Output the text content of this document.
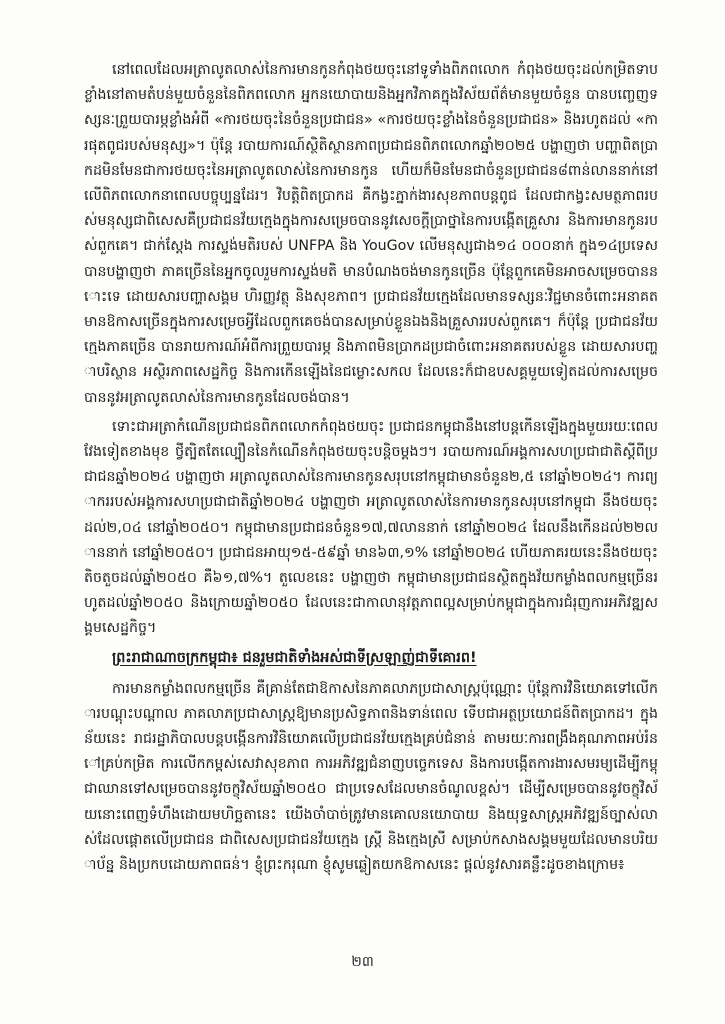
នៅពេលដែលអត្រាលូតលាស់នៃការមានកូនកំពុងថយចុះនៅទូទាំងពិភពលោក កំពុងថយចុះដល់កម្រិតទាបខ្លាំងនៅតាមតំបន់មួយចំនួននៃពិភពលោក អ្នកនយោបាយនិងអ្នកវិភាគក្នុងវិស័យព័ត៌មានមួយចំនួន បានបញ្ចេញទស្សនៈព្រួយបារម្ភខ្លាំងអំពី «ការថយចុះនៃចំនួនប្រជាជន» «ការថយចុះខ្លាំងនៃចំនួនប្រជាជន» និងរហូតដល់ «ការផុតពូជរបស់មនុស្ស»។ ប៉ុន្តែ របាយការណ៍ស្ថិតិស្ថានភាពប្រជាជនពិភពលោកឆ្នាំ២០២៥ បង្ហាញថា បញ្ហាពិតប្រាកដមិនមែនជាការថយចុះនៃអត្រាលូតលាស់នៃការមានកូន ហើយក៏មិនមែនជាចំនួនប្រជាជន៨ពាន់លាននាក់នៅលើពិភពលោកនាពេលបច្ចុប្បន្នដែរ។ វិបត្តិពិតប្រាកដ គឺកង្វះភ្នាក់ងារសុខភាពបន្តពូជ ដែលជាកង្វះសមត្ថភាពរបស់មនុស្សជាពិសេសគឺប្រជាជនវ័យក្មេងក្នុងការសម្រេចបាននូវសេចក្តីប្រាថ្នានៃការបង្កើតគ្រួសារ និងការមានកូនរបស់ពួកគេ។ ជាក់ស្តែង ការស្ទង់មតិរបស់ UNFPA និង YouGov លើមនុស្សជាង១៤ ០០០នាក់ ក្នុង១៤ប្រទេស បានបង្ហាញថា ភាគច្រើននៃអ្នកចូលរួមការស្ទង់មតិ មានបំណងចង់មានកូនច្រើន ប៉ុន្តែពួកគេមិនអាចសម្រេចបាននោះទេ ដោយសារបញ្ហាសង្គម ហិរញ្ញវត្ថុ និងសុខភាព។ ប្រជាជនវ័យក្មេងដែលមានទស្សនៈវិជ្ជមានចំពោះអនាគត មានឱកាសច្រើនក្នុងការសម្រេចអ្វីដែលពួកគេចង់បានសម្រាប់ខ្លួនឯងនិងគ្រួសាររបស់ពួកគេ។ ក៏ប៉ុន្តែ ប្រជាជនវ័យក្មេងភាគច្រើន បានរាយការណ៍អំពីការព្រួយបារម្ភ និងភាពមិនប្រាកដប្រជាចំពោះអនាគតរបស់ខ្លួន ដោយសារបញ្ហាបរិស្ថាន អស្ថិរភាពសេដ្ឋកិច្ច និងការកើនឡើងនៃជម្លោះសកល ដែលនេះក៏ជាឧបសគ្គមួយទៀតដល់ការសម្រេចបាននូវអត្រាលូតលាស់នៃការមានកូនដែលចង់បាន។

ទោះជាអត្រាកំណើនប្រជាជនពិភពលោកកំពុងថយចុះ ប្រជាជនកម្ពុជានឹងនៅបន្តកើនឡើងក្នុងមួយរយៈពេលវែងទៀតខាងមុខ ថ្វីត្បិតតែល្បឿននៃកំណើនកំពុងថយចុះបន្តិចម្តងៗ។ របាយការណ៍អង្គការសហប្រជាជាតិស្តីពីប្រជាជនឆ្នាំ២០២៤ បង្ហាញថា អត្រាលូតលាស់នៃការមានកូនសរុបនៅកម្ពុជាមានចំនួន២,៥ នៅឆ្នាំ២០២៤។ ការព្យាកររបស់អង្គការសហប្រជាជាតិឆ្នាំ២០២៤ បង្ហាញថា អត្រាលូតលាស់នៃការមានកូនសរុបនៅកម្ពុជា នឹងថយចុះដល់២,០៤ នៅឆ្នាំ២០៥០។ កម្ពុជាមានប្រជាជនចំនួន១៧,៧លាននាក់ នៅឆ្នាំ២០២៤ ដែលនឹងកើនដល់២២លាននាក់ នៅឆ្នាំ២០៥០។ ប្រជាជនអាយុ១៥-៥៩ឆ្នាំ មាន៦៣,១% នៅឆ្នាំ២០២៤ ហើយភាគរយនេះនឹងថយចុះតិចតួចដល់ឆ្នាំ២០៥០ គឺ៦១,៧%។ តួលេខនេះ បង្ហាញថា កម្ពុជាមានប្រជាជនស្ថិតក្នុងវ័យកម្លាំងពលកម្មច្រើនរហូតដល់ឆ្នាំ២០៥០ និងក្រោយឆ្នាំ២០៥០ ដែលនេះជាកាលានុវត្តភាពល្អសម្រាប់កម្ពុជាក្នុងការជំរុញការអភិវឌ្ឍសង្គមសេដ្ឋកិច្ច។

ព្រះរាជាណាចក្រកម្ពុជា៖ ជនរួមជាតិទាំងអស់ជាទីស្រឡាញ់ជាទីគោរព!

ការមានកម្លាំងពលកម្មច្រើន គឺគ្រាន់តែជាឱកាសនៃភាគលាភប្រជាសាស្ត្រប៉ុណ្ណោះ ប៉ុន្តែការវិនិយោគទៅលើការបណ្តុះបណ្តាល ភាគលាភប្រជាសាស្ត្រឱ្យមានប្រសិទ្ធភាពនិងទាន់ពេល ទើបជាអត្ថប្រយោជន៍ពិតប្រាកដ។ ក្នុងន័យនេះ រាជរដ្ឋាភិបាលបន្តបង្កើនការវិនិយោគលើប្រជាជនវ័យក្មេងគ្រប់ជំនាន់ តាមរយៈការពង្រឹងគុណភាពអប់រំនៅគ្រប់កម្រិត ការលើកកម្ពស់សេវាសុខភាព ការអភិវឌ្ឍជំនាញបច្ចេកទេស និងការបង្កើតការងារសមរម្យដើម្បីកម្ពុជាឈានទៅសម្រេចបាននូវចក្ខុវិស័យឆ្នាំ២០៥០ ជាប្រទេសដែលមានចំណូលខ្ពស់។ ដើម្បីសម្រេចបាននូវចក្ខុវិស័យនោះពេញទំហឹងដោយមហិច្ឆតានេះ យើងចាំបាច់ត្រូវមានគោលនយោបាយ និងយុទ្ធសាស្ត្រអភិវឌ្ឍន៍ច្បាស់លាស់ដែលផ្តោតលើប្រជាជន ជាពិសេសប្រជាជនវ័យក្មេង ស្ត្រី និងក្មេងស្រី សម្រាប់កសាងសង្គមមួយដែលមានបរិយាប័ន្ន និងប្រកបដោយភាពធន់។ ខ្ញុំព្រះករុណា ខ្ញុំសូមឆ្លៀតយកឱកាសនេះ ផ្តល់នូវសារគន្លឹះដូចខាងក្រោម៖

២៣
